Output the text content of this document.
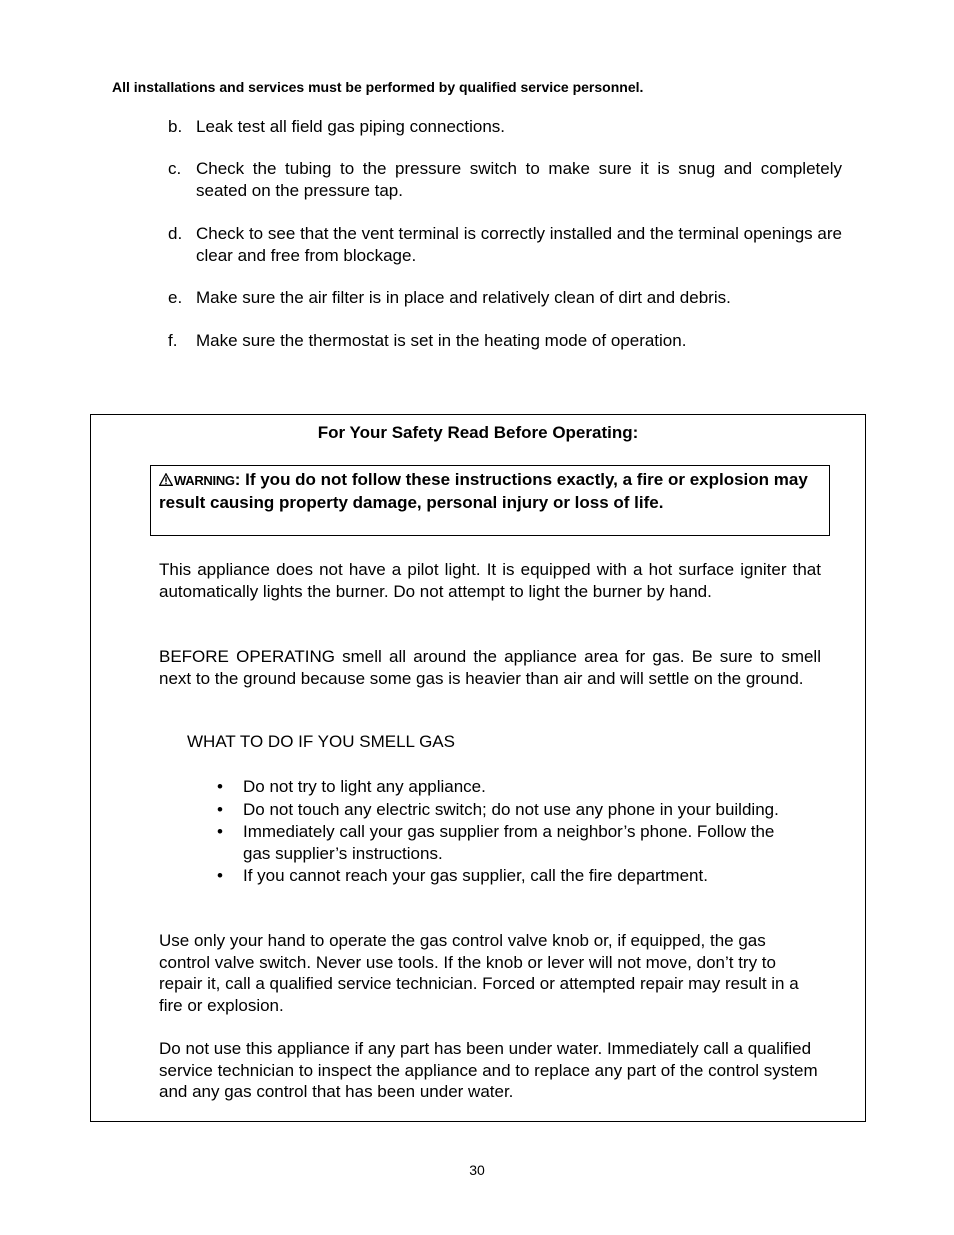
All installations and services must be performed by qualified service personnel.
b. Leak test all field gas piping connections.
c. Check the tubing to the pressure switch to make sure it is snug and completely seated on the pressure tap.
d. Check to see that the vent terminal is correctly installed and the terminal openings are clear and free from blockage.
e. Make sure the air filter is in place and relatively clean of dirt and debris.
f. Make sure the thermostat is set in the heating mode of operation.
For Your Safety Read Before Operating:
WARNING: If you do not follow these instructions exactly, a fire or explosion may result causing property damage, personal injury or loss of life.
This appliance does not have a pilot light. It is equipped with a hot surface igniter that automatically lights the burner. Do not attempt to light the burner by hand.
BEFORE OPERATING smell all around the appliance area for gas. Be sure to smell next to the ground because some gas is heavier than air and will settle on the ground.
WHAT TO DO IF YOU SMELL GAS
• Do not try to light any appliance.
• Do not touch any electric switch; do not use any phone in your building.
• Immediately call your gas supplier from a neighbor’s phone. Follow the gas supplier’s instructions.
• If you cannot reach your gas supplier, call the fire department.
Use only your hand to operate the gas control valve knob or, if equipped, the gas control valve switch. Never use tools. If the knob or lever will not move, don’t try to repair it, call a qualified service technician. Forced or attempted repair may result in a fire or explosion.
Do not use this appliance if any part has been under water. Immediately call a qualified service technician to inspect the appliance and to replace any part of the control system and any gas control that has been under water.
30
